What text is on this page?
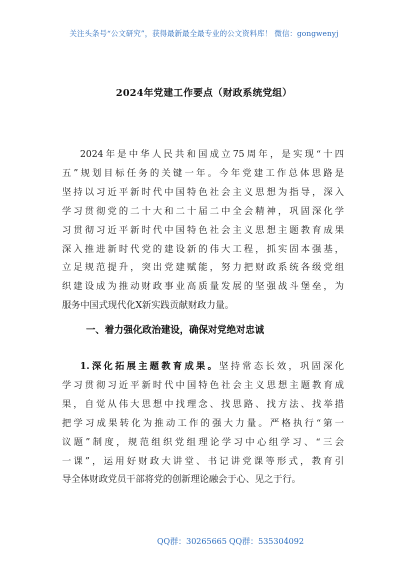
关注头条号“公文研究”，获得最新最全最专业的公文资料库！ 微信：gongwenyj
2024年党建工作要点（财政系统党组）
2024年是中华人民共和国成立75周年，是实现“十四
五”规划目标任务的关键一年。今年党建工作总体思路是
坚持以习近平新时代中国特色社会主义思想为指导，深入
学习贯彻党的二十大和二十届二中全会精神，巩固深化学
习贯彻习近平新时代中国特色社会主义思想主题教育成果
深入推进新时代党的建设新的伟大工程，抓实固本强基，
立足规范提升，突出党建赋能，努力把财政系统各级党组
织建设成为推动财政事业高质量发展的坚强战斗堡垒，为
服务中国式现代化X新实践贡献财政力量。
一、着力强化政治建设，确保对党绝对忠诚
1.深化拓展主题教育成果。坚持常态长效，巩固深化
学习贯彻习近平新时代中国特色社会主义思想主题教育成
果，自觉从伟大思想中找理念、找思路、找方法、找举措
把学习成果转化为推动工作的强大力量。严格执行“第一
议题”制度，规范组织党组理论学习中心组学习、“三会
一课”，运用好财政大讲堂、书记讲党课等形式，教育引
导全体财政党员干部将党的创新理论融会于心、见之于行。
QQ群：30265665 QQ群：535304092
